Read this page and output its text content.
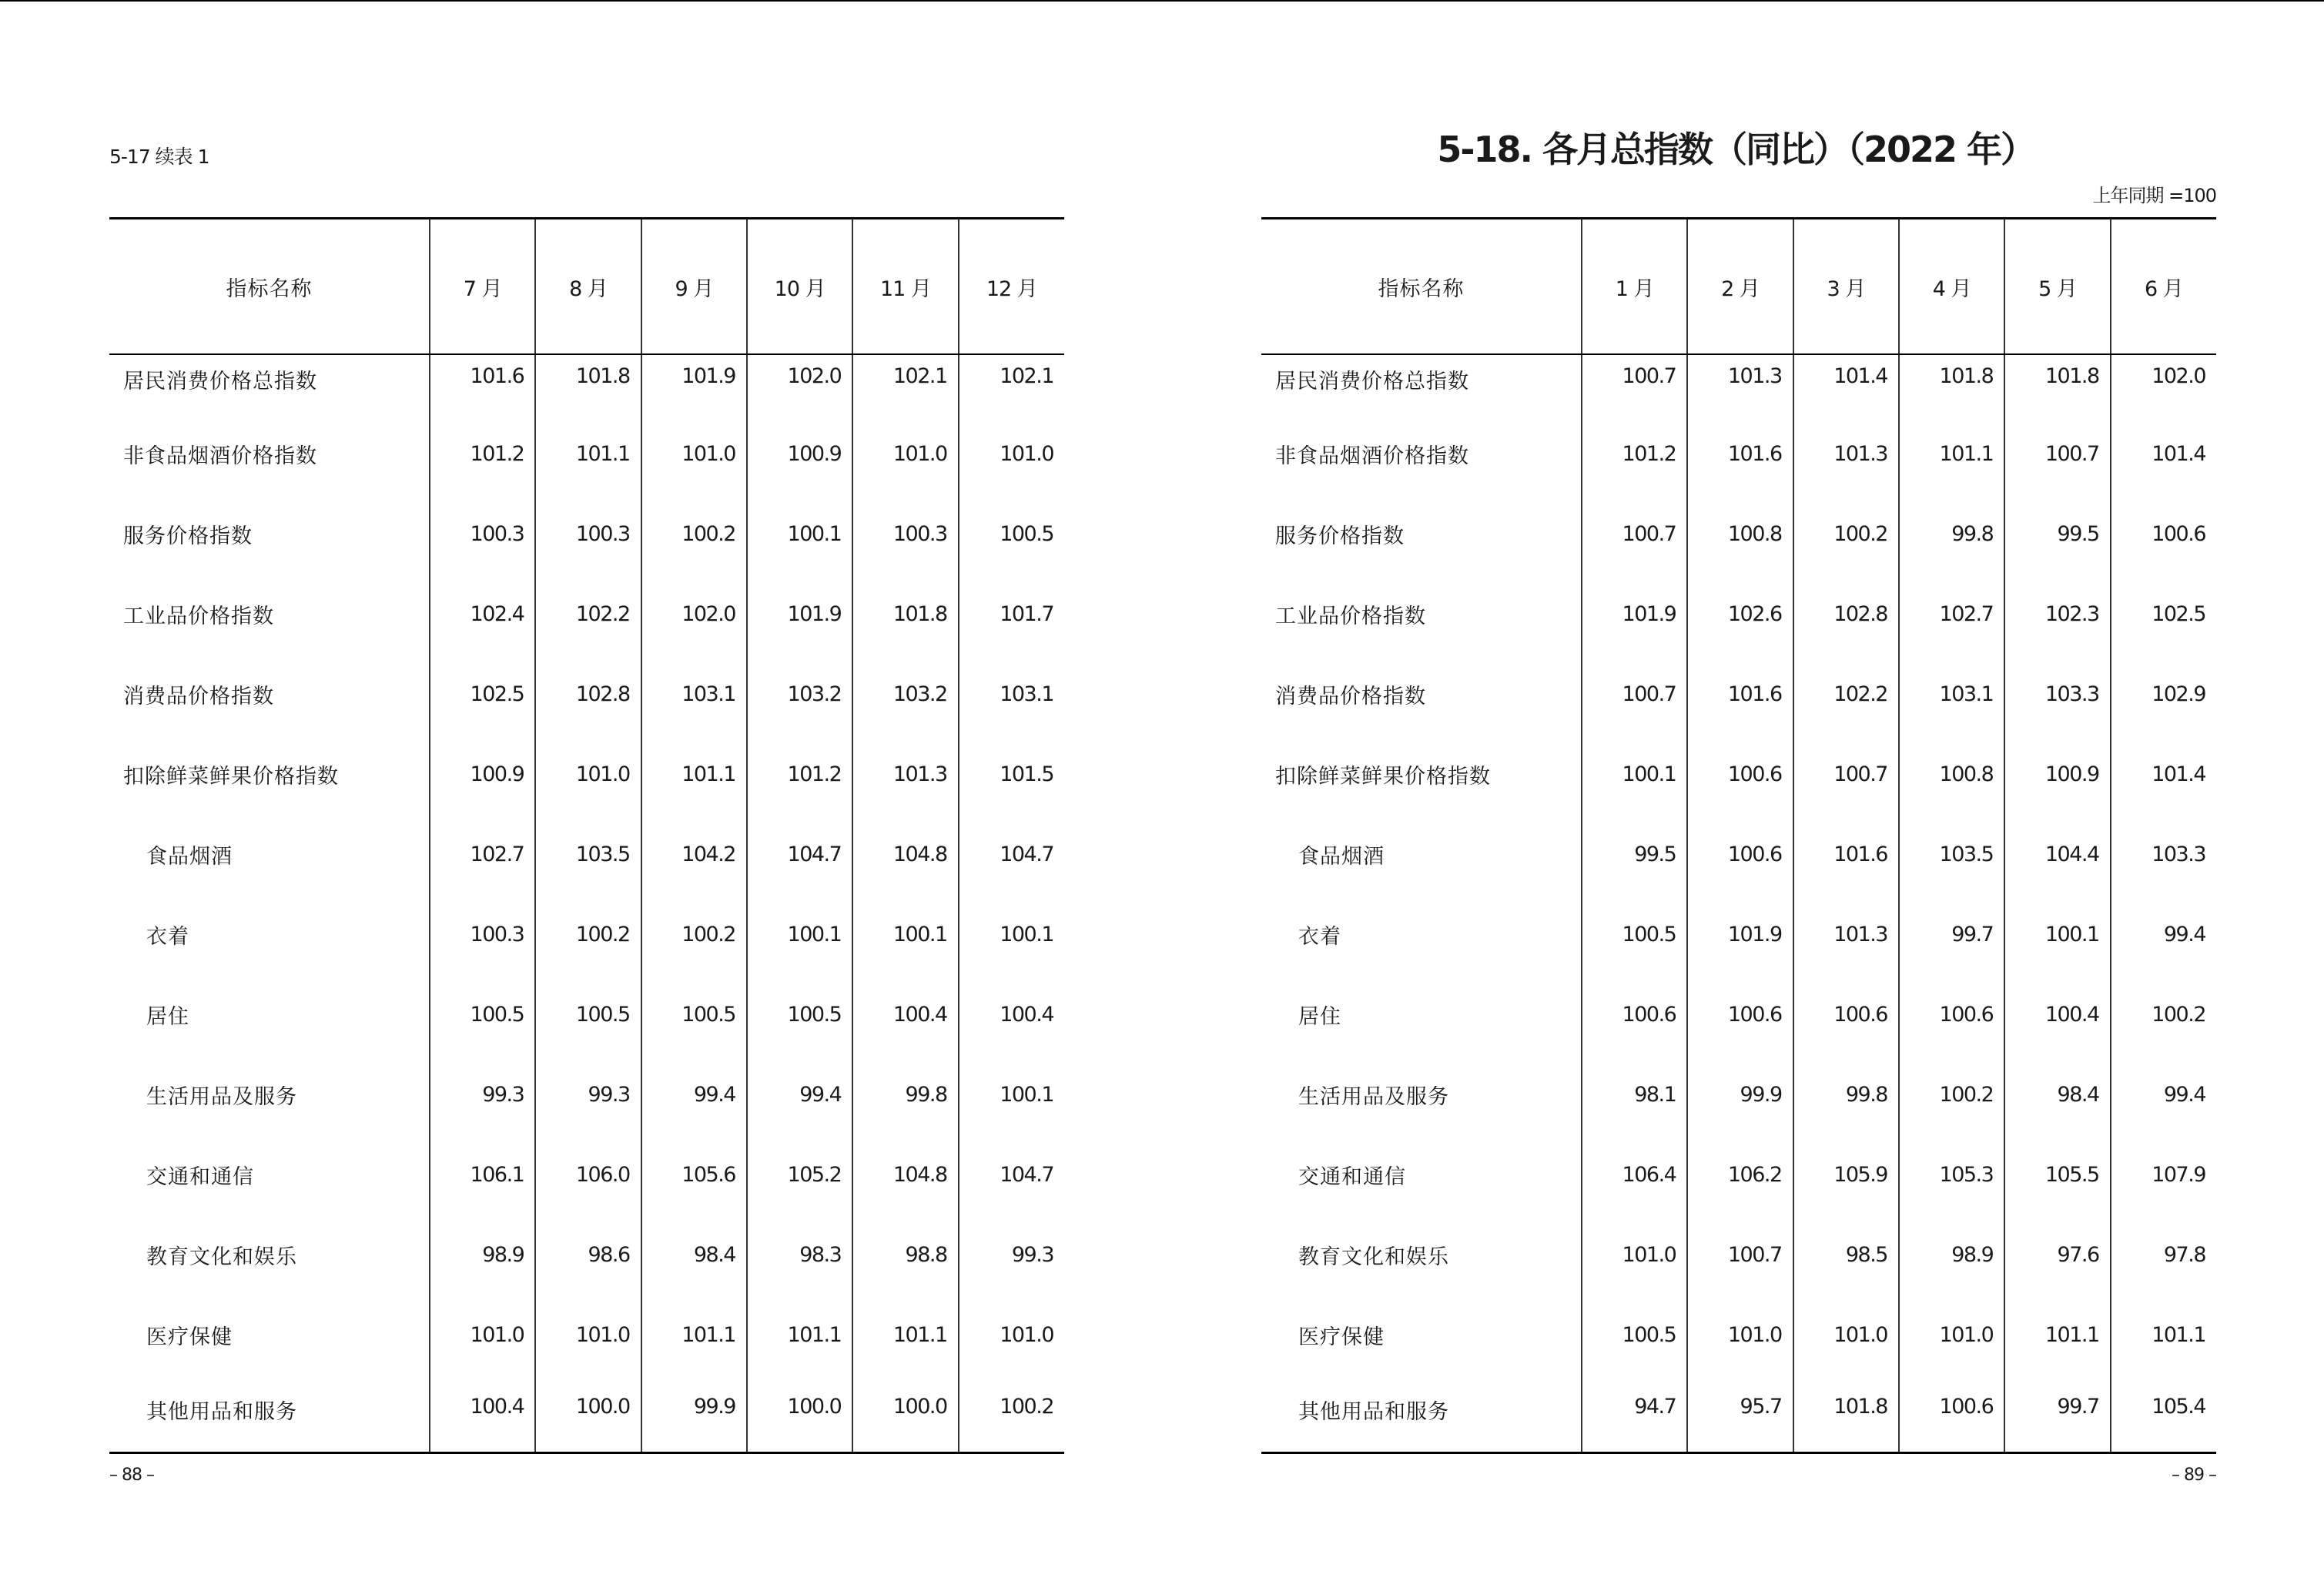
5-17 续表 1
指标名称	7 月	8 月	9 月	10 月	11 月	12 月
居民消费价格总指数	101.6	101.8	101.9	102.0	102.1	102.1
非食品烟酒价格指数	101.2	101.1	101.0	100.9	101.0	101.0
服务价格指数	100.3	100.3	100.2	100.1	100.3	100.5
工业品价格指数	102.4	102.2	102.0	101.9	101.8	101.7
消费品价格指数	102.5	102.8	103.1	103.2	103.2	103.1
扣除鲜菜鲜果价格指数	100.9	101.0	101.1	101.2	101.3	101.5
食品烟酒	102.7	103.5	104.2	104.7	104.8	104.7
衣着	100.3	100.2	100.2	100.1	100.1	100.1
居住	100.5	100.5	100.5	100.5	100.4	100.4
生活用品及服务	99.3	99.3	99.4	99.4	99.8	100.1
交通和通信	106.1	106.0	105.6	105.2	104.8	104.7
教育文化和娱乐	98.9	98.6	98.4	98.3	98.8	99.3
医疗保健	101.0	101.0	101.1	101.1	101.1	101.0
其他用品和服务	100.4	100.0	99.9	100.0	100.0	100.2
– 88 –
5-18. 各月总指数（同比）（2022 年）
上年同期 =100
指标名称	1 月	2 月	3 月	4 月	5 月	6 月
居民消费价格总指数	100.7	101.3	101.4	101.8	101.8	102.0
非食品烟酒价格指数	101.2	101.6	101.3	101.1	100.7	101.4
服务价格指数	100.7	100.8	100.2	99.8	99.5	100.6
工业品价格指数	101.9	102.6	102.8	102.7	102.3	102.5
消费品价格指数	100.7	101.6	102.2	103.1	103.3	102.9
扣除鲜菜鲜果价格指数	100.1	100.6	100.7	100.8	100.9	101.4
食品烟酒	99.5	100.6	101.6	103.5	104.4	103.3
衣着	100.5	101.9	101.3	99.7	100.1	99.4
居住	100.6	100.6	100.6	100.6	100.4	100.2
生活用品及服务	98.1	99.9	99.8	100.2	98.4	99.4
交通和通信	106.4	106.2	105.9	105.3	105.5	107.9
教育文化和娱乐	101.0	100.7	98.5	98.9	97.6	97.8
医疗保健	100.5	101.0	101.0	101.0	101.1	101.1
其他用品和服务	94.7	95.7	101.8	100.6	99.7	105.4
– 89 –
